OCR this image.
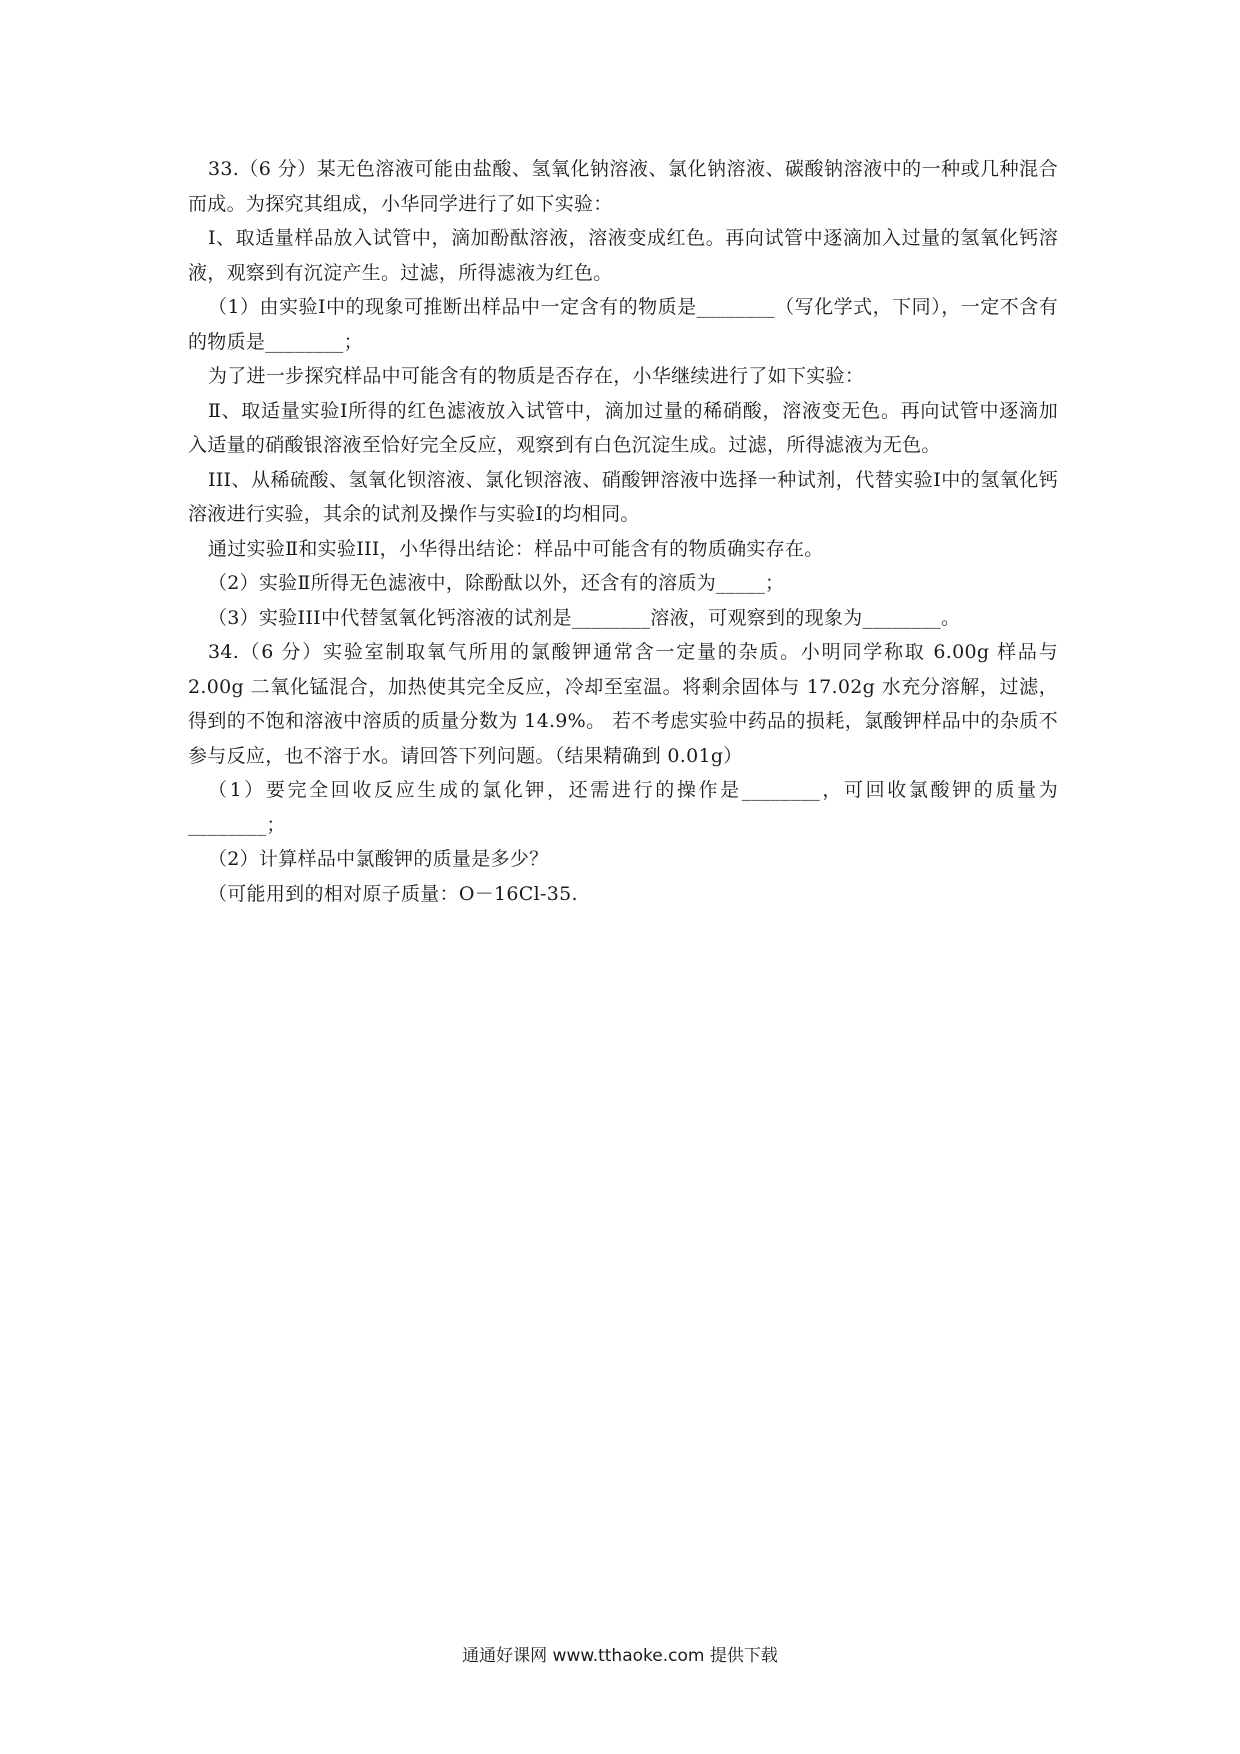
33.（6 分）某无色溶液可能由盐酸、氢氧化钠溶液、氯化钠溶液、碳酸钠溶液中的一种或几种混合而成。为探究其组成，小华同学进行了如下实验：

Ⅰ、取适量样品放入试管中，滴加酚酞溶液，溶液变成红色。再向试管中逐滴加入过量的氢氧化钙溶液，观察到有沉淀产生。过滤，所得滤液为红色。

（1）由实验Ⅰ中的现象可推断出样品中一定含有的物质是________（写化学式，下同），一定不含有的物质是________；

为了进一步探究样品中可能含有的物质是否存在，小华继续进行了如下实验：

Ⅱ、取适量实验Ⅰ所得的红色滤液放入试管中，滴加过量的稀硝酸，溶液变无色。再向试管中逐滴加入适量的硝酸银溶液至恰好完全反应，观察到有白色沉淀生成。过滤，所得滤液为无色。

III、从稀硫酸、氢氧化钡溶液、氯化钡溶液、硝酸钾溶液中选择一种试剂，代替实验Ⅰ中的氢氧化钙溶液进行实验，其余的试剂及操作与实验Ⅰ的均相同。

通过实验Ⅱ和实验III，小华得出结论：样品中可能含有的物质确实存在。

（2）实验Ⅱ所得无色滤液中，除酚酞以外，还含有的溶质为_____；

（3）实验III中代替氢氧化钙溶液的试剂是________溶液，可观察到的现象为________。

34.（6 分）实验室制取氧气所用的氯酸钾通常含一定量的杂质。小明同学称取 6.00g 样品与 2.00g 二氧化锰混合，加热使其完全反应，冷却至室温。将剩余固体与 17.02g 水充分溶解，过滤，得到的不饱和溶液中溶质的质量分数为 14.9%。 若不考虑实验中药品的损耗，氯酸钾样品中的杂质不参与反应，也不溶于水。请回答下列问题。（结果精确到 0.01g）

（1）要完全回收反应生成的氯化钾，还需进行的操作是________，可回收氯酸钾的质量为________；

（2）计算样品中氯酸钾的质量是多少？

（可能用到的相对原子质量：O－16Cl-35.

通通好课网 www.tthaoke.com 提供下载
